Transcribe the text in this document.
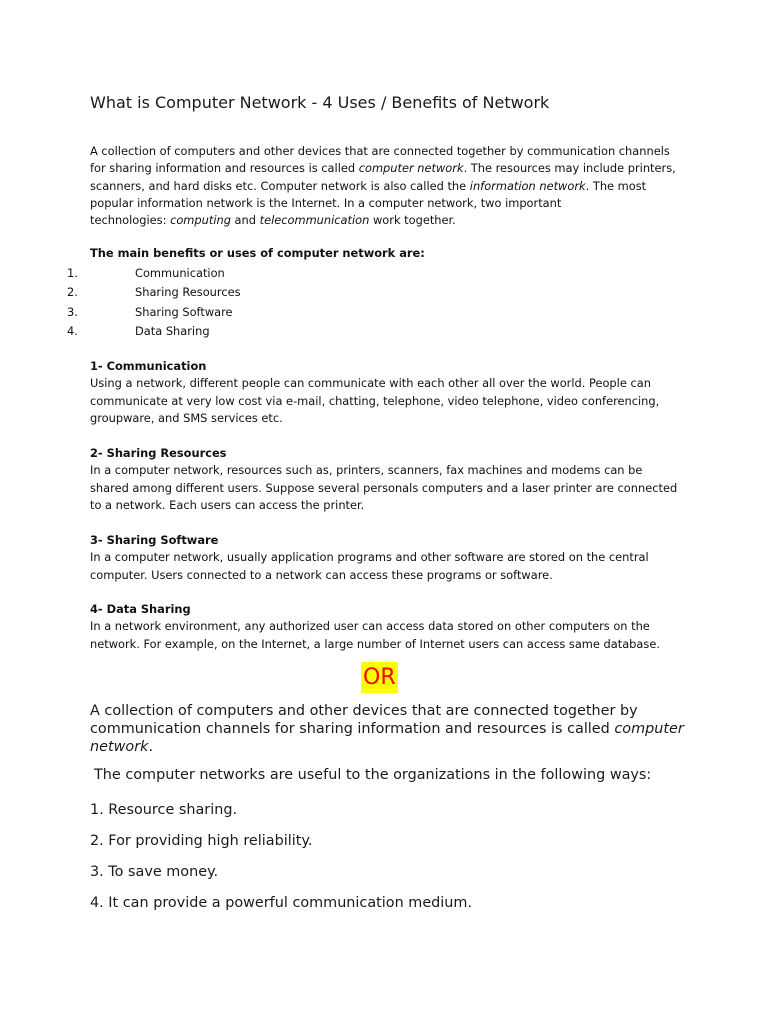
What is Computer Network - 4 Uses / Benefits of Network
A collection of computers and other devices that are connected together by communication channels
for sharing information and resources is called computer network. The resources may include printers,
scanners, and hard disks etc. Computer network is also called the information network. The most
popular information network is the Internet. In a computer network, two important
technologies: computing and telecommunication work together.
The main benefits or uses of computer network are:
1.	Communication
2.	Sharing Resources
3.	Sharing Software
4.	Data Sharing
1- Communication
Using a network, different people can communicate with each other all over the world. People can
communicate at very low cost via e-mail, chatting, telephone, video telephone, video conferencing,
groupware, and SMS services etc.
2- Sharing Resources
In a computer network, resources such as, printers, scanners, fax machines and modems can be
shared among different users. Suppose several personals computers and a laser printer are connected
to a network. Each users can access the printer.
3- Sharing Software
In a computer network, usually application programs and other software are stored on the central
computer. Users connected to a network can access these programs or software.
4- Data Sharing
In a network environment, any authorized user can access data stored on other computers on the
network. For example, on the Internet, a large number of Internet users can access same database.
OR
A collection of computers and other devices that are connected together by
communication channels for sharing information and resources is called computer
network.
The computer networks are useful to the organizations in the following ways:
1. Resource sharing.
2. For providing high reliability.
3. To save money.
4. It can provide a powerful communication medium.
